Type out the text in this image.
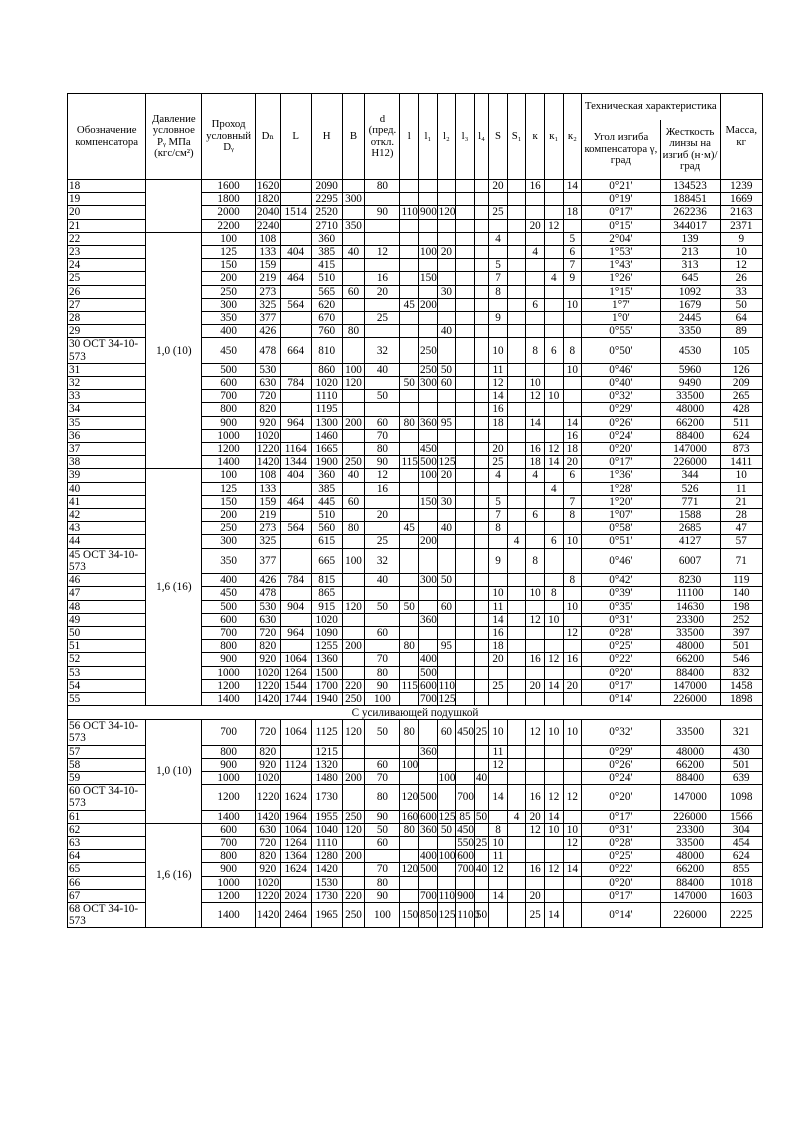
Обозначение компенсатора	Давление условное Pᵧ МПа (кгс/см²)	Проход условный Dᵧ	Dₙ	L	H	B	d (пред. откл. H12)	l	l₁	l₂	l₃	l₄	S	S₁	к	к₁	к₂	Техническая характеристика		Масса, кг
																		Угол изгиба компенсатора γ, град	Жесткость линзы на изгиб (н·м)/град	
18		1600	1620		2090		80						20		16		14	0°21'	134523	1239
19		1800	1820		2295	300												0°19'	188451	1669
20		2000	2040	1514	2520		90	110	900	120			25				18	0°17'	262236	2163
21		2200	2240		2710	350									20	12		0°15'	344017	2371
22	1,0 (10)	100	108		360								4				5	2°04'	139	9
23		125	133	404	385	40	12		100	20					4		6	1°53'	213	10
24		150	159		415								5				7	1°43'	313	12
25		200	219	464	510		16		150				7			4	9	1°26'	645	26
26		250	273		565	60	20			30			8					1°15'	1092	33
27		300	325	564	620			45	200						6		10	1°7'	1679	50
28		350	377		670		25						9					1°0'	2445	64
29		400	426		760	80				40								0°55'	3350	89
30 ОСТ 34-10-573		450	478	664	810		32		250				10		8	6	8	0°50'	4530	105
31		500	530		860	100	40		250	50			11				10	0°46'	5960	126
32		600	630	784	1020	120		50	300	60			12		10			0°40'	9490	209
33		700	720		1110		50						14		12	10		0°32'	33500	265
34		800	820		1195								16					0°29'	48000	428
35		900	920	964	1300	200	60	80	360	95			18		14		14	0°26'	66200	511
36		1000	1020		1460		70										16	0°24'	88400	624
37		1200	1220	1164	1665		80		450				20		16	12	18	0°20'	147000	873
38		1400	1420	1344	1900	250	90	115	500	125			25		18	14	20	0°17'	226000	1411
39	1,6 (16)	100	108	404	360	40	12		100	20			4		4		6	1°36'	344	10
40		125	133		385		16									4		1°28'	526	11
41		150	159	464	445	60			150	30			5				7	1°20'	771	21
42		200	219		510		20						7		6		8	1°07'	1588	28
43		250	273	564	560	80		45		40			8					0°58'	2685	47
44		300	325		615		25		200					4		6	10	0°51'	4127	57
45 ОСТ 34-10-573		350	377		665	100	32						9		8			0°46'	6007	71
46		400	426	784	815		40		300	50							8	0°42'	8230	119
47		450	478		865								10		10	8		0°39'	11100	140
48		500	530	904	915	120	50	50		60			11				10	0°35'	14630	198
49		600	630		1020				360				14		12	10		0°31'	23300	252
50		700	720	964	1090		60						16				12	0°28'	33500	397
51		800	820		1255	200		80		95			18					0°25'	48000	501
52		900	920	1064	1360		70		400				20		16	12	16	0°22'	66200	546
53		1000	1020	1264	1500		80		500									0°20'	88400	832
54		1200	1220	1544	1700	220	90	115	600	110			25		20	14	20	0°17'	147000	1458
55		1400	1420	1744	1940	250	100		700	125								0°14'	226000	1898
С усиливающей подушкой																				
56 ОСТ 34-10-573	1,0 (10)	700	720	1064	1125	120	50	80		60	450	25	10		12	10	10	0°32'	33500	321
57		800	820		1215				360				11					0°29'	48000	430
58		900	920	1124	1320		60	100					12					0°26'	66200	501
59		1000	1020		1480	200	70			100		40						0°24'	88400	639
60 ОСТ 34-10-573		1200	1220	1624	1730		80	120	500		700		14		16	12	12	0°20'	147000	1098
61		1400	1420	1964	1955	250	90	160	600	125	85	50		4	20	14		0°17'	226000	1566
62	1,6 (16)	600	630	1064	1040	120	50	80	360	50	450		8		12	10	10	0°31'	23300	304
63		700	720	1264	1110		60				550	25	10				12	0°28'	33500	454
64		800	820	1364	1280	200			400	100	600		11					0°25'	48000	624
65		900	920	1624	1420		70	120	500		700	40	12		16	12	14	0°22'	66200	855
66		1000	1020		1530		80											0°20'	88400	1018
67		1200	1220	2024	1730	220	90		700	110	900		14		20			0°17'	147000	1603
68 ОСТ 34-10-573		1400	1420	2464	1965	250	100	150	850	125	1100	50			25	14		0°14'	226000	2225
